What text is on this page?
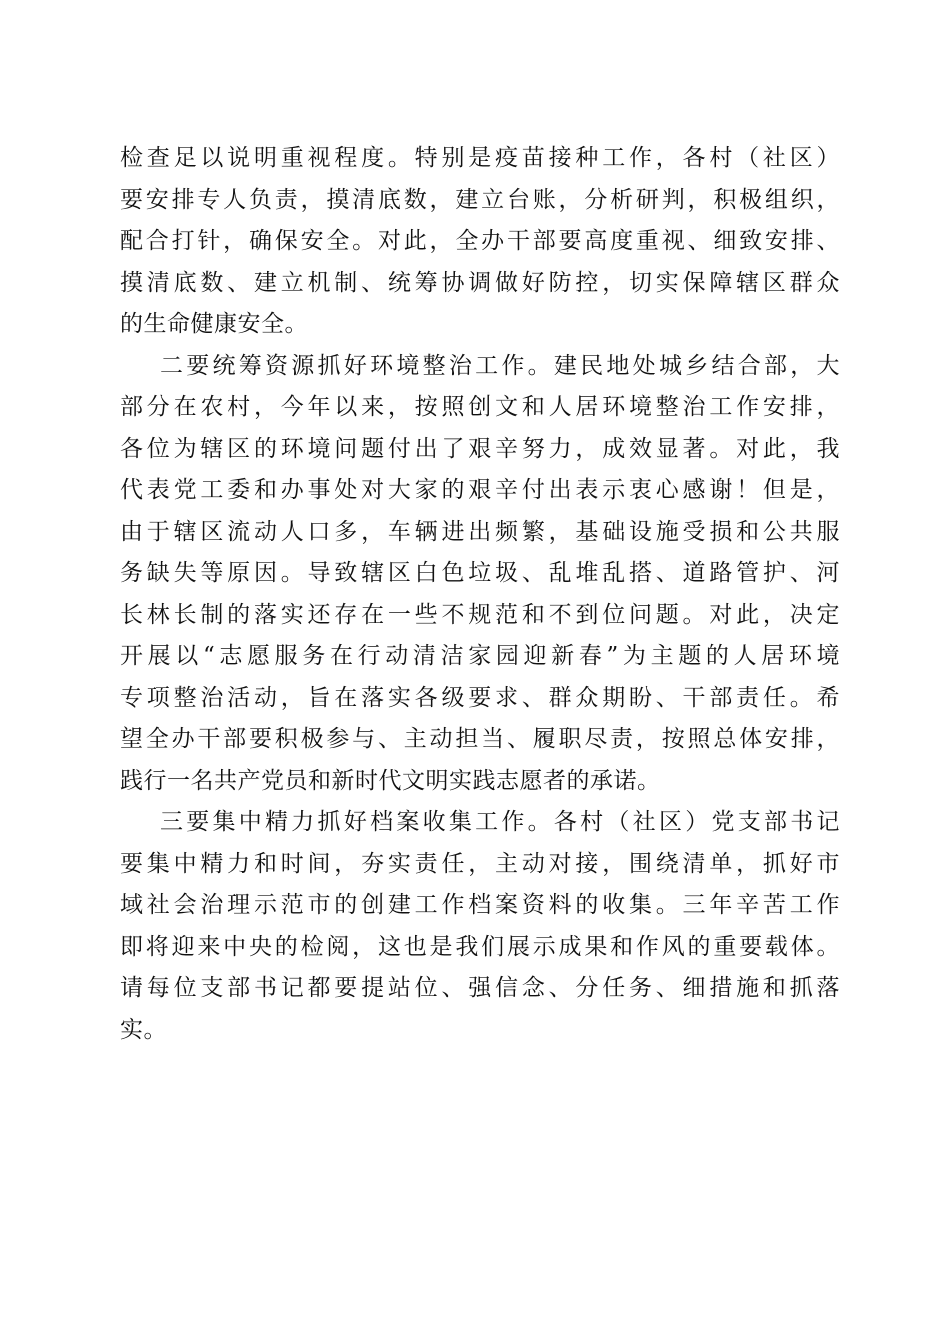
检查足以说明重视程度。特别是疫苗接种工作，各村（社区）
要安排专人负责，摸清底数，建立台账，分析研判，积极组织，
配合打针，确保安全。对此，全办干部要高度重视、细致安排、
摸清底数、建立机制、统筹协调做好防控，切实保障辖区群众
的生命健康安全。
二要统筹资源抓好环境整治工作。建民地处城乡结合部，大
部分在农村，今年以来，按照创文和人居环境整治工作安排，
各位为辖区的环境问题付出了艰辛努力，成效显著。对此，我
代表党工委和办事处对大家的艰辛付出表示衷心感谢！但是，
由于辖区流动人口多，车辆进出频繁，基础设施受损和公共服
务缺失等原因。导致辖区白色垃圾、乱堆乱搭、道路管护、河
长林长制的落实还存在一些不规范和不到位问题。对此，决定
开展以“志愿服务在行动清洁家园迎新春”为主题的人居环境
专项整治活动，旨在落实各级要求、群众期盼、干部责任。希
望全办干部要积极参与、主动担当、履职尽责，按照总体安排，
践行一名共产党员和新时代文明实践志愿者的承诺。
三要集中精力抓好档案收集工作。各村（社区）党支部书记
要集中精力和时间，夯实责任，主动对接，围绕清单，抓好市
域社会治理示范市的创建工作档案资料的收集。三年辛苦工作
即将迎来中央的检阅，这也是我们展示成果和作风的重要载体。
请每位支部书记都要提站位、强信念、分任务、细措施和抓落
实。
